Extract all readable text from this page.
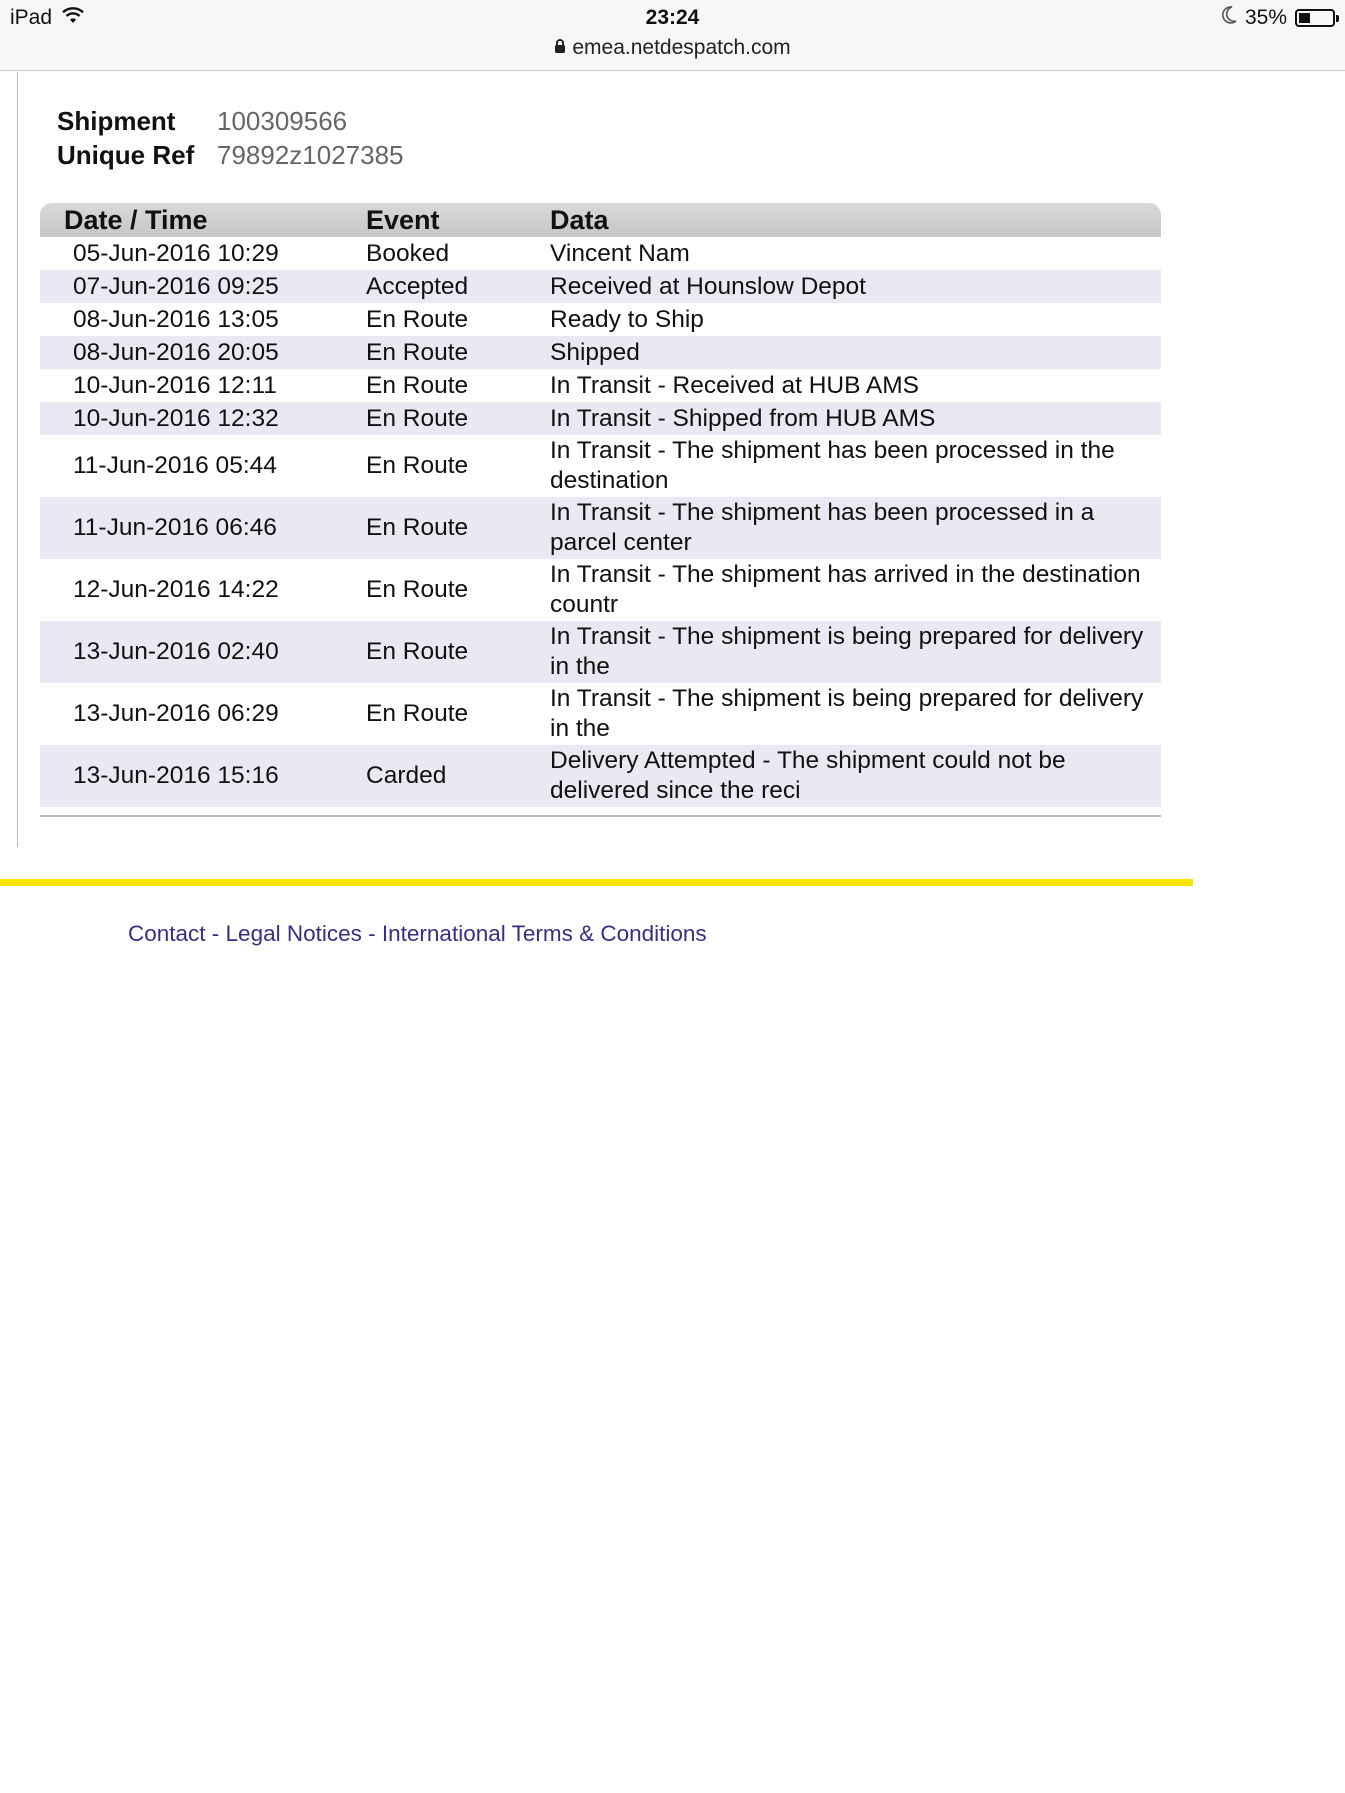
iPad	23:24
emea.netdespatch.com
35%
Shipment	100309566
Unique Ref 79892z1027385
Date / Time	Event	Data
05-Jun-2016 10:29	Booked	Vincent Nam
07-Jun-2016 09:25	Accepted	Received at Hounslow Depot
08-Jun-2016 13:05	En Route	Ready to Ship
08-Jun-2016 20:05	En Route	Shipped
10-Jun-2016 12:11	En Route	In Transit - Received at HUB AMS
10-Jun-2016 12:32	En Route	In Transit - Shipped from HUB AMS
11-Jun-2016 05:44	En Route	In Transit - The shipment has been processed in the destination
11-Jun-2016 06:46	En Route	In Transit - The shipment has been processed in a parcel center
12-Jun-2016 14:22	En Route	In Transit - The shipment has arrived in the destination countr
13-Jun-2016 02:40	En Route	In Transit - The shipment is being prepared for delivery in the
13-Jun-2016 06:29	En Route	In Transit - The shipment is being prepared for delivery in the
13-Jun-2016 15:16	Carded	Delivery Attempted - The shipment could not be delivered since the reci
Contact - Legal Notices - International Terms & Conditions
